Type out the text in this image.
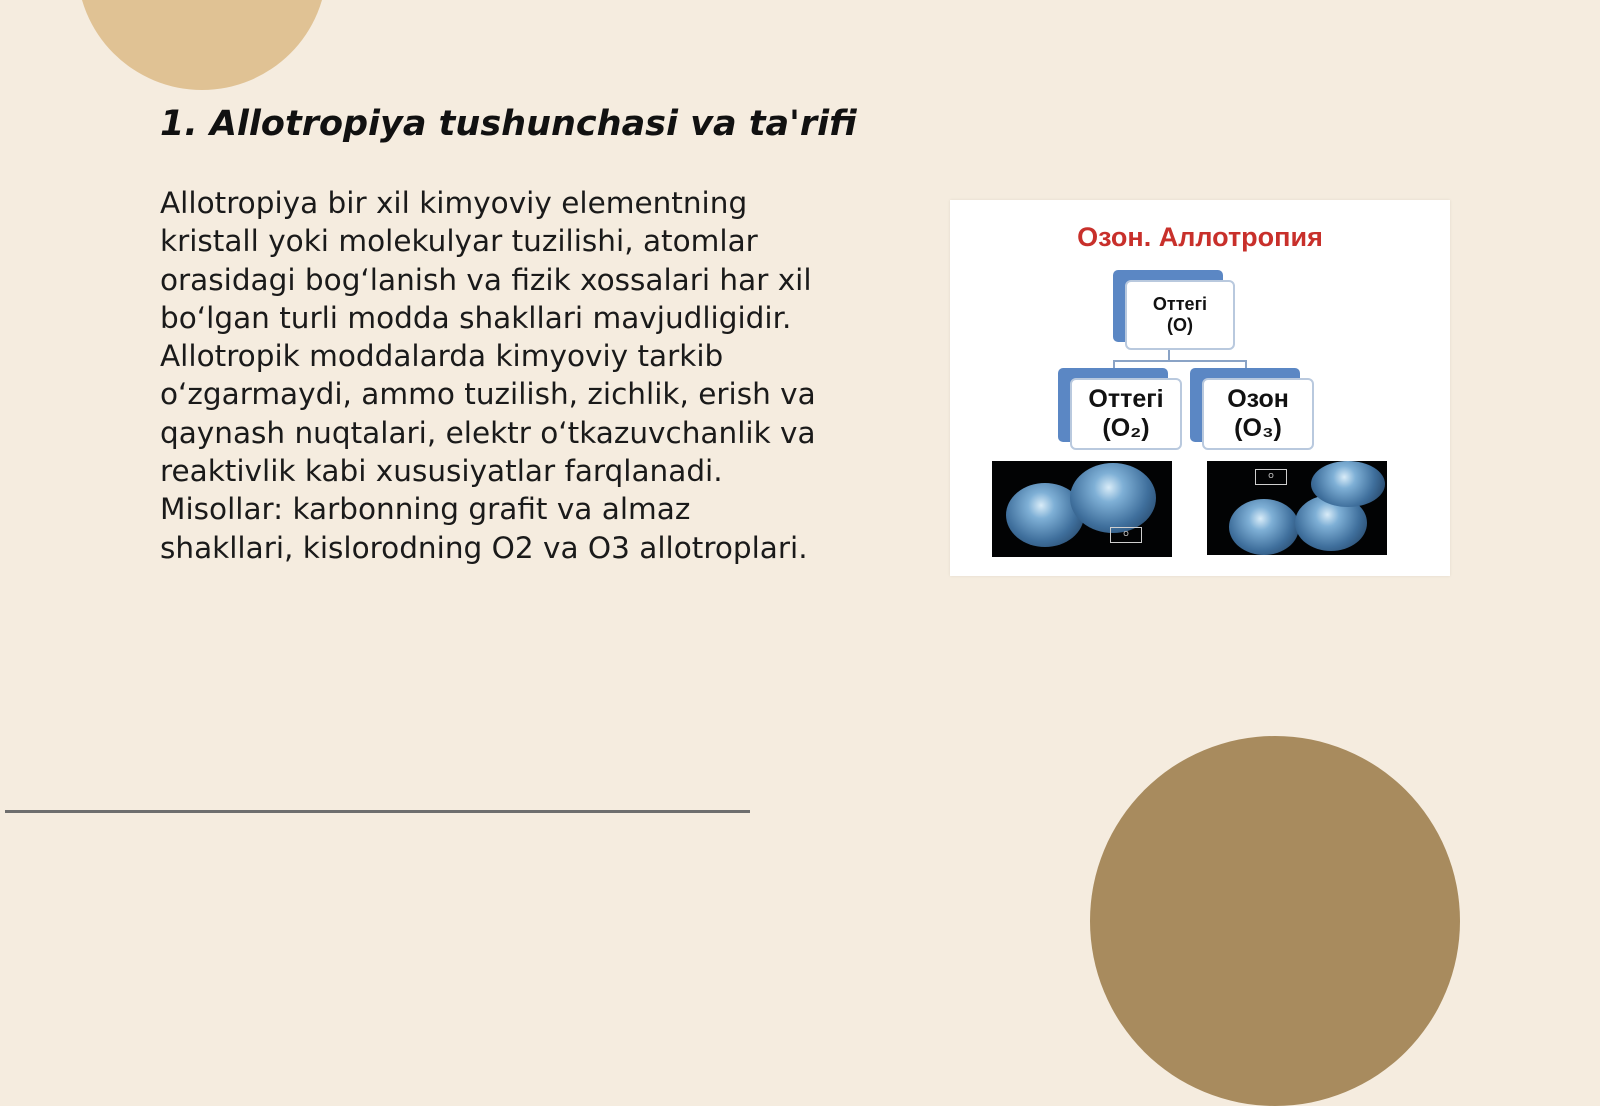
1. Allotropiya tushunchasi va ta'rifi
Allotropiya bir xil kimyoviy elementning
kristall yoki molekulyar tuzilishi, atomlar
orasidagi bog‘lanish va fizik xossalari har xil
bo‘lgan turli modda shakllari mavjudligidir.
Allotropik moddalarda kimyoviy tarkib
o‘zgarmaydi, ammo tuzilish, zichlik, erish va
qaynash nuqtalari, elektr o‘tkazuvchanlik va
reaktivlik kabi xususiyatlar farqlanadi.
Misollar: karbonning grafit va almaz
shakllari, kislorodning O2 va O3 allotroplari.
Озон. Аллотропия
Оттегі
(O)
Оттегі
(O₂)
Озон
(O₃)
O
O
